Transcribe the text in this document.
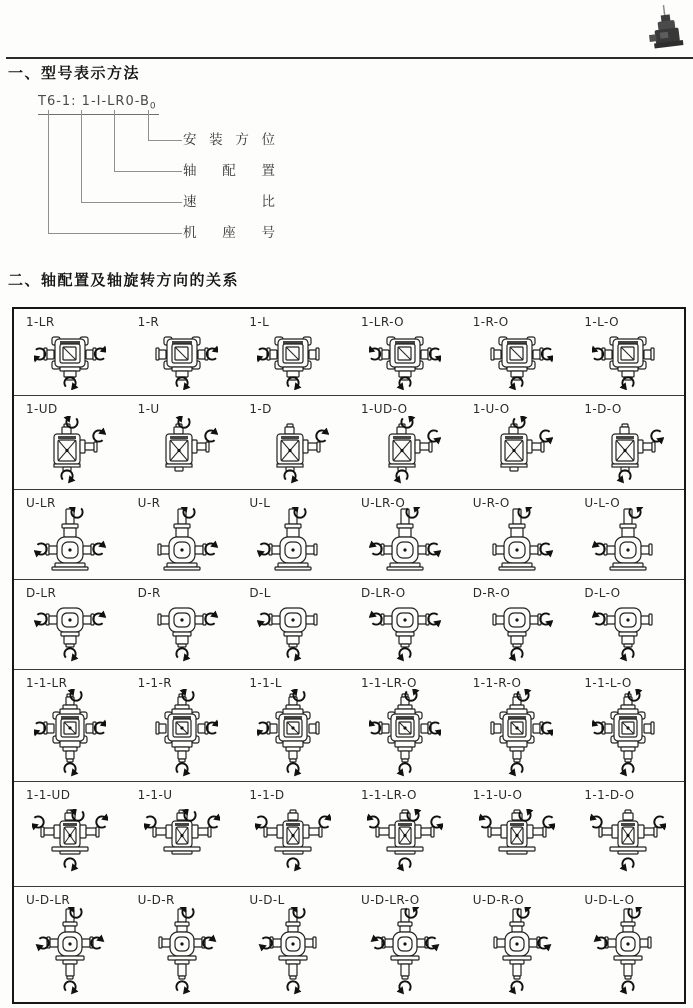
一、型号表示方法
T6-1: $1-I-LR0-B_0$
安 装 方 位
轴 配 置
速	比
机 座 号
二、轴配置及轴旋转方向的关系
1-LR	1-R	1-L	1-LR-O	1-R-O	1-L-O
1-UD	1-U	1-D	1-UD-O	1-U-O	1-D-O
U-LR	U-R	U-L	U-LR-O	U-R-O	U-L-O
D-LR	D-R	D-L	D-LR-O	D-R-O	D-L-O
1-1-LR	1-1-R	1-1-L	1-1-LR-O	1-1-R-O	1-1-L-O
1-1-UD	1-1-U	1-1-D	1-1-LR-O	1-1-U-O	1-1-D-O
U-D-LR	U-D-R	U-D-L	U-D-LR-O	U-D-R-O	U-D-L-O
